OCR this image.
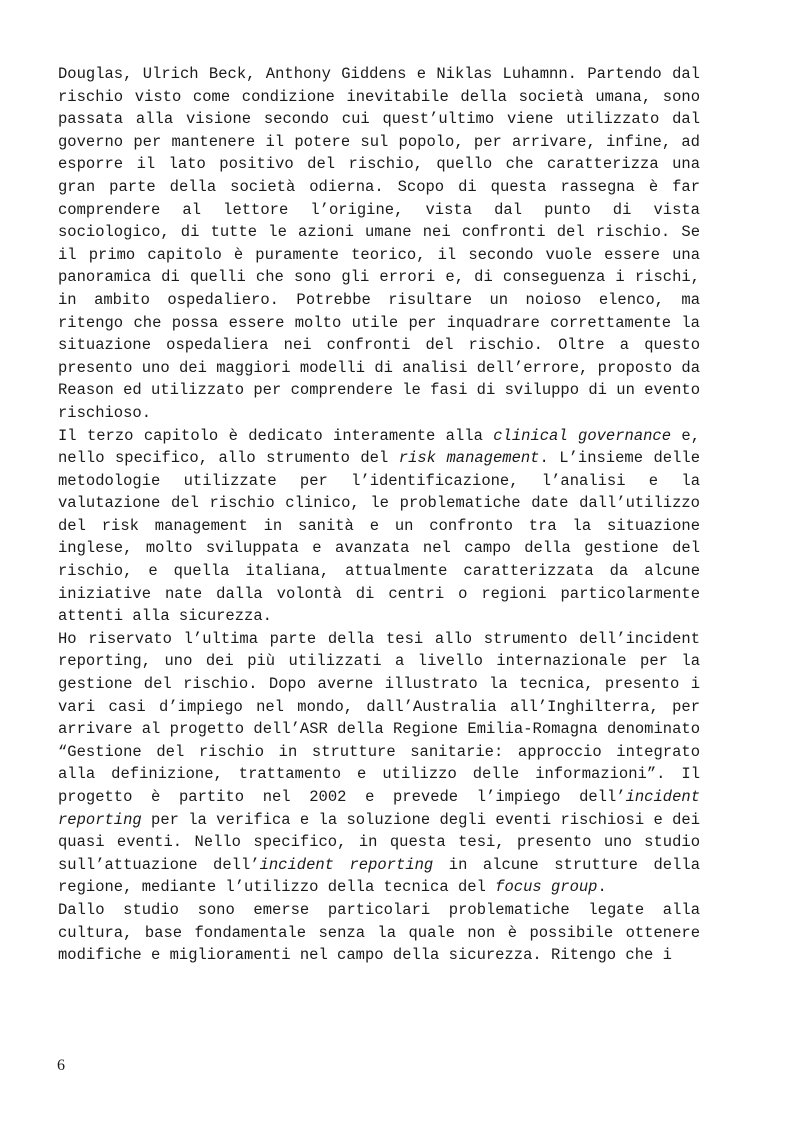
Douglas, Ulrich Beck, Anthony Giddens e Niklas Luhamnn. Partendo dal rischio visto come condizione inevitabile della società umana, sono passata alla visione secondo cui quest’ultimo viene utilizzato dal governo per mantenere il potere sul popolo, per arrivare, infine, ad esporre il lato positivo del rischio, quello che caratterizza una gran parte della società odierna. Scopo di questa rassegna è far comprendere al lettore l’origine, vista dal punto di vista sociologico, di tutte le azioni umane nei confronti del rischio. Se il primo capitolo è puramente teorico, il secondo vuole essere una panoramica di quelli che sono gli errori e, di conseguenza i rischi, in ambito ospedaliero. Potrebbe risultare un noioso elenco, ma ritengo che possa essere molto utile per inquadrare correttamente la situazione ospedaliera nei confronti del rischio. Oltre a questo presento uno dei maggiori modelli di analisi dell’errore, proposto da Reason ed utilizzato per comprendere le fasi di sviluppo di un evento rischioso.

Il terzo capitolo è dedicato interamente alla clinical governance e, nello specifico, allo strumento del risk management. L’insieme delle metodologie utilizzate per l’identificazione, l’analisi e la valutazione del rischio clinico, le problematiche date dall’utilizzo del risk management in sanità e un confronto tra la situazione inglese, molto sviluppata e avanzata nel campo della gestione del rischio, e quella italiana, attualmente caratterizzata da alcune iniziative nate dalla volontà di centri o regioni particolarmente attenti alla sicurezza.

Ho riservato l’ultima parte della tesi allo strumento dell’incident reporting, uno dei più utilizzati a livello internazionale per la gestione del rischio. Dopo averne illustrato la tecnica, presento i vari casi d’impiego nel mondo, dall’Australia all’Inghilterra, per arrivare al progetto dell’ASR della Regione Emilia-Romagna denominato “Gestione del rischio in strutture sanitarie: approccio integrato alla definizione, trattamento e utilizzo delle informazioni”. Il progetto è partito nel 2002 e prevede l’impiego dell’incident reporting per la verifica e la soluzione degli eventi rischiosi e dei quasi eventi. Nello specifico, in questa tesi, presento uno studio sull’attuazione dell’incident reporting in alcune strutture della regione, mediante l’utilizzo della tecnica del focus group.

Dallo studio sono emerse particolari problematiche legate alla cultura, base fondamentale senza la quale non è possibile ottenere modifiche e miglioramenti nel campo della sicurezza. Ritengo che i

6
